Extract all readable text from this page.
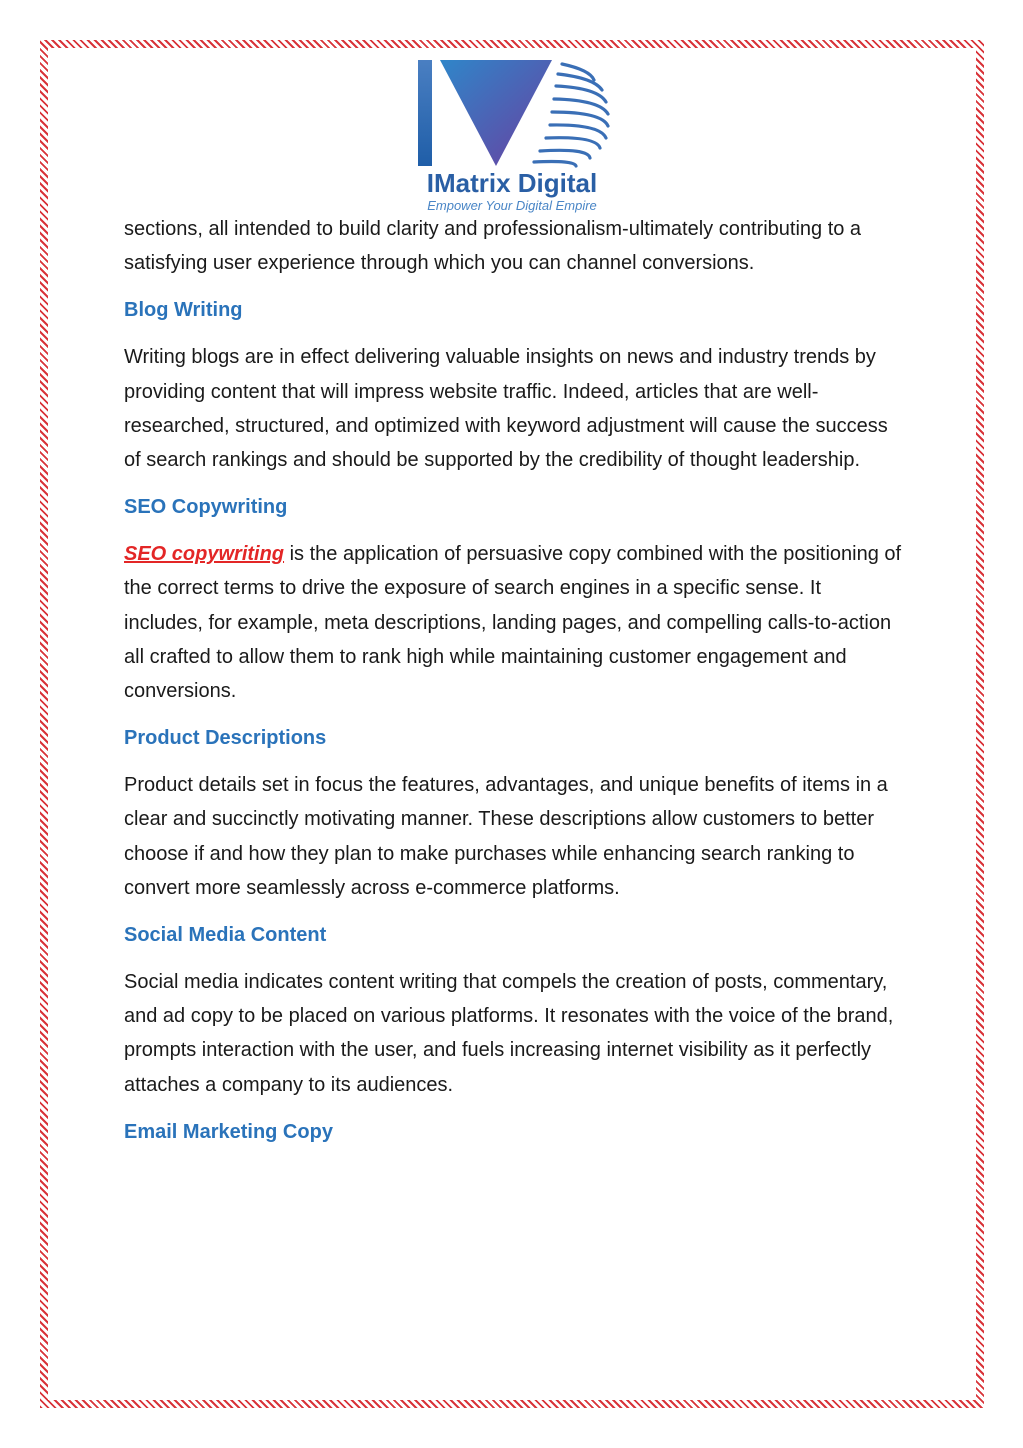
IMatrix Digital
Empower Your Digital Empire

sections, all intended to build clarity and professionalism-ultimately contributing to a satisfying user experience through which you can channel conversions.

Blog Writing

Writing blogs are in effect delivering valuable insights on news and industry trends by providing content that will impress website traffic. Indeed, articles that are well-researched, structured, and optimized with keyword adjustment will cause the success of search rankings and should be supported by the credibility of thought leadership.

SEO Copywriting

SEO copywriting is the application of persuasive copy combined with the positioning of the correct terms to drive the exposure of search engines in a specific sense. It includes, for example, meta descriptions, landing pages, and compelling calls-to-action all crafted to allow them to rank high while maintaining customer engagement and conversions.

Product Descriptions

Product details set in focus the features, advantages, and unique benefits of items in a clear and succinctly motivating manner. These descriptions allow customers to better choose if and how they plan to make purchases while enhancing search ranking to convert more seamlessly across e-commerce platforms.

Social Media Content

Social media indicates content writing that compels the creation of posts, commentary, and ad copy to be placed on various platforms. It resonates with the voice of the brand, prompts interaction with the user, and fuels increasing internet visibility as it perfectly attaches a company to its audiences.

Email Marketing Copy
